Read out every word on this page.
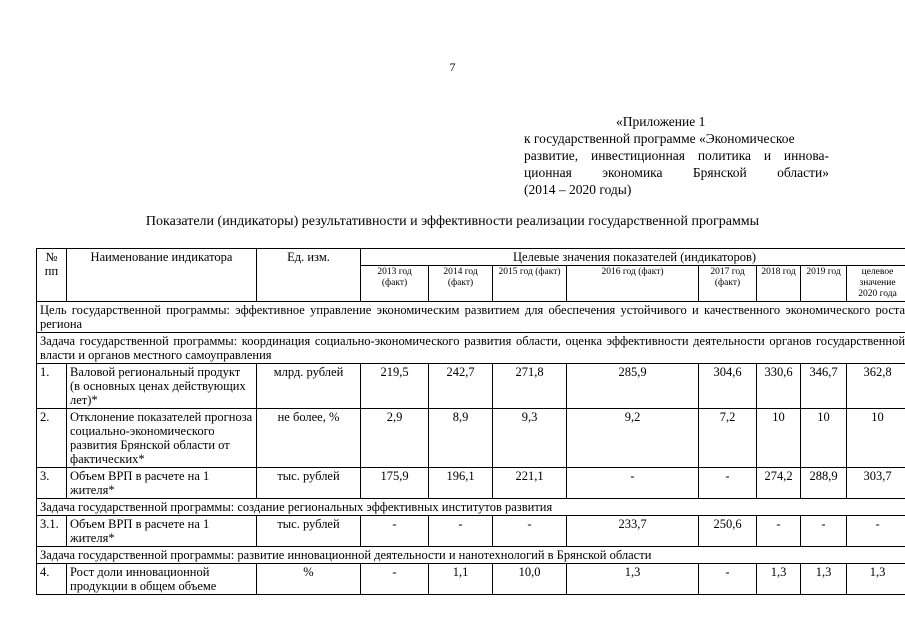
7
«Приложение 1
к государственной программе «Экономическое
развитие, инвестиционная политика и иннова-
ционная экономика Брянской области»
(2014 – 2020 годы)
Показатели (индикаторы) результативности и эффективности реализации государственной программы
№ пп	Наименование индикатора	Ед. изм.	Целевые значения показателей (индикаторов)							
			2013 год (факт)	2014 год (факт)	2015 год (факт)	2016 год (факт)	2017 год (факт)	2018 год	2019 год	целевое значение 2020 года
Цель государственной программы: эффективное управление экономическим развитием для обеспечения устойчивого и качественного экономического роста региона										
Задача государственной программы: координация социально-экономического развития области, оценка эффективности деятельности органов государственной власти и органов местного самоуправления										
1.	Валовой региональный продукт (в основных ценах действующих лет)*	млрд. рублей	219,5	242,7	271,8	285,9	304,6	330,6	346,7	362,8
2.	Отклонение показателей прогноза социально-экономического развития Брянской области от фактических*	не более, %	2,9	8,9	9,3	9,2	7,2	10	10	10
3.	Объем ВРП в расчете на 1 жителя*	тыс. рублей	175,9	196,1	221,1	-	-	274,2	288,9	303,7
Задача государственной программы: создание региональных эффективных институтов развития										
3.1.	Объем ВРП в расчете на 1 жителя*	тыс. рублей	-	-	-	233,7	250,6	-	-	-
Задача государственной программы: развитие инновационной деятельности и нанотехнологий в Брянской области										
4.	Рост доли инновационной продукции в общем объеме	%	-	1,1	10,0	1,3	-	1,3	1,3	1,3
